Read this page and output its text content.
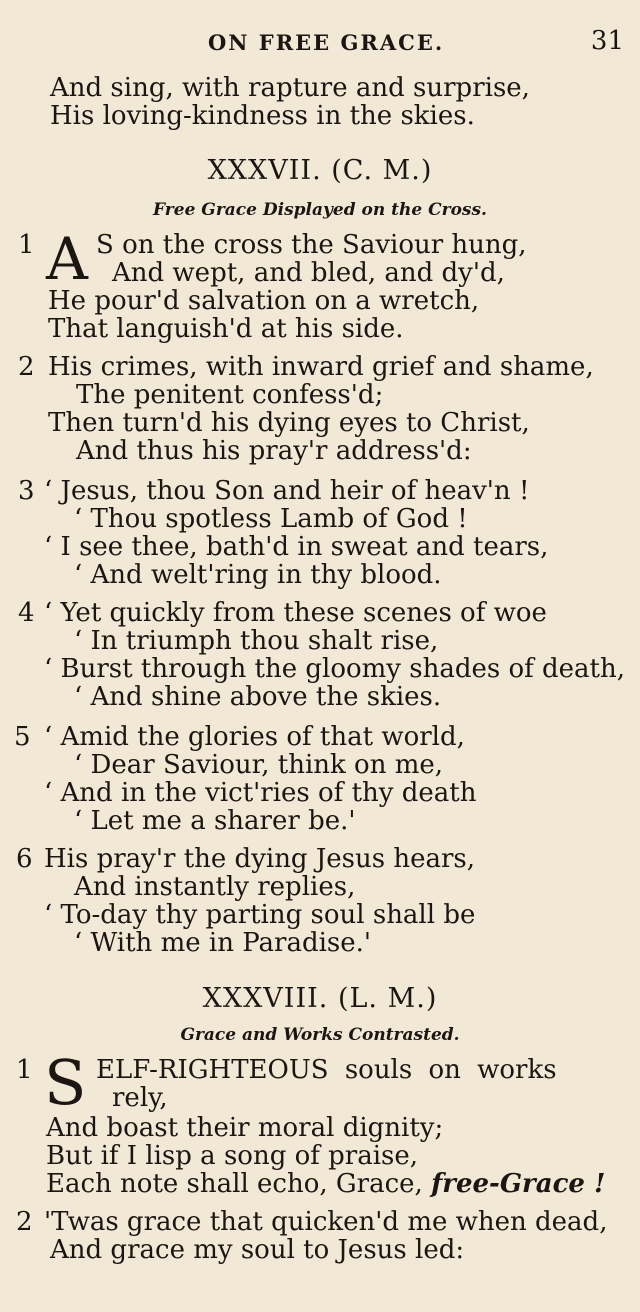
ON FREE GRACE.	31
And sing, with rapture and surprise,
His loving-kindness in the skies.
XXXVII. (C. M.)
Free Grace Displayed on the Cross.
1 A S on the cross the Saviour hung,
And wept, and bled, and dy'd,
He pour'd salvation on a wretch,
That languish'd at his side.
2 His crimes, with inward grief and shame,
The penitent confess'd;
Then turn'd his dying eyes to Christ,
And thus his pray'r address'd:
3 ‘ Jesus, thou Son and heir of heav'n !
‘ Thou spotless Lamb of God !
‘ I see thee, bath'd in sweat and tears,
‘ And welt'ring in thy blood.
4 ‘ Yet quickly from these scenes of woe
‘ In triumph thou shalt rise,
‘ Burst through the gloomy shades of death,
‘ And shine above the skies.
5 ‘ Amid the glories of that world,
‘ Dear Saviour, think on me,
‘ And in the vict'ries of thy death
‘ Let me a sharer be.'
6 His pray'r the dying Jesus hears,
And instantly replies,
‘ To-day thy parting soul shall be
‘ With me in Paradise.'
XXXVIII. (L. M.)
Grace and Works Contrasted.
1 S ELF-RIGHTEOUS souls on works
rely,
And boast their moral dignity;
But if I lisp a song of praise,
Each note shall echo, Grace, free-Grace !
2 'Twas grace that quicken'd me when dead,
And grace my soul to Jesus led:
